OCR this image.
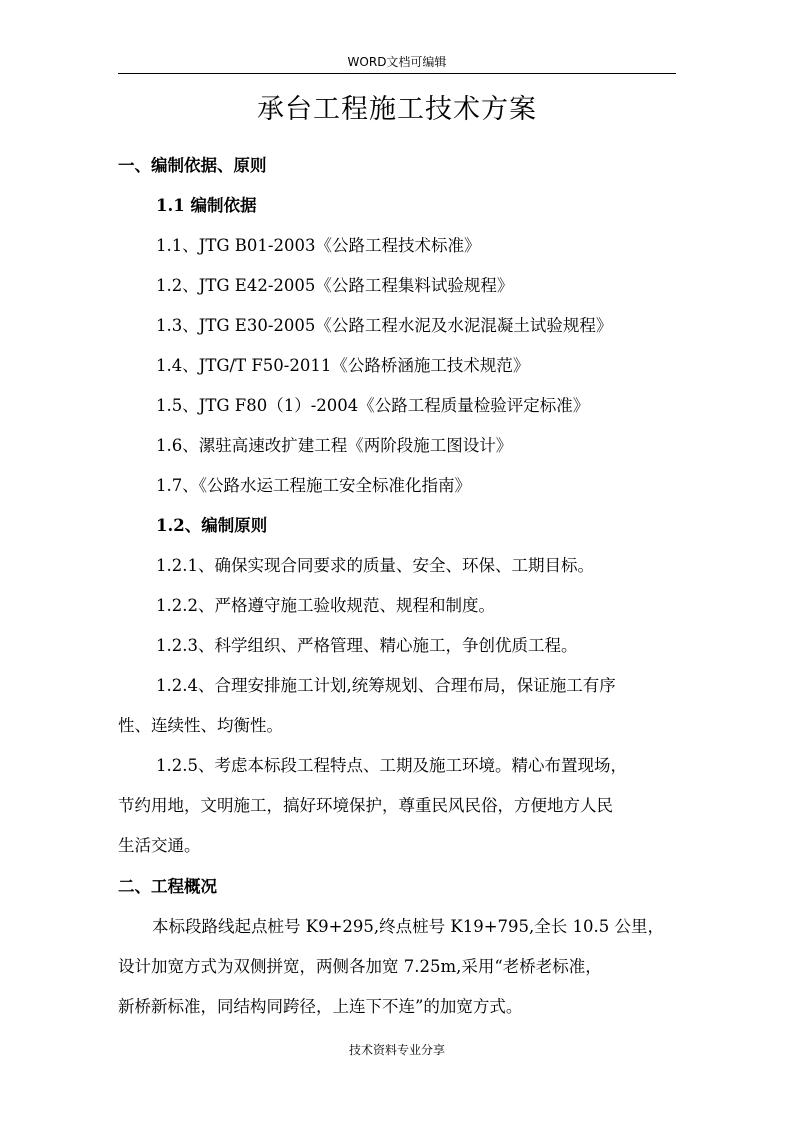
WORD文档可编辑
承台工程施工技术方案
一、编制依据、原则
1.1 编制依据
1.1、JTG B01-2003《公路工程技术标准》
1.2、JTG E42-2005《公路工程集料试验规程》
1.3、JTG E30-2005《公路工程水泥及水泥混凝土试验规程》
1.4、JTG/T F50-2011《公路桥涵施工技术规范》
1.5、JTG F80（1）-2004《公路工程质量检验评定标准》
1.6、漯驻高速改扩建工程《两阶段施工图设计》
1.7、《公路水运工程施工安全标准化指南》
1.2、编制原则
1.2.1、确保实现合同要求的质量、安全、环保、工期目标。
1.2.2、严格遵守施工验收规范、规程和制度。
1.2.3、科学组织、严格管理、精心施工，争创优质工程。
1.2.4、合理安排施工计划,统筹规划、合理布局，保证施工有序
性、连续性、均衡性。
1.2.5、考虑本标段工程特点、工期及施工环境。精心布置现场，
节约用地，文明施工，搞好环境保护，尊重民风民俗，方便地方人民
生活交通。
二、工程概况
本标段路线起点桩号 K9+295,终点桩号 K19+795,全长 10.5 公里，
设计加宽方式为双侧拼宽，两侧各加宽 7.25m,采用“老桥老标准，
新桥新标准，同结构同跨径，上连下不连”的加宽方式。
技术资料专业分享
